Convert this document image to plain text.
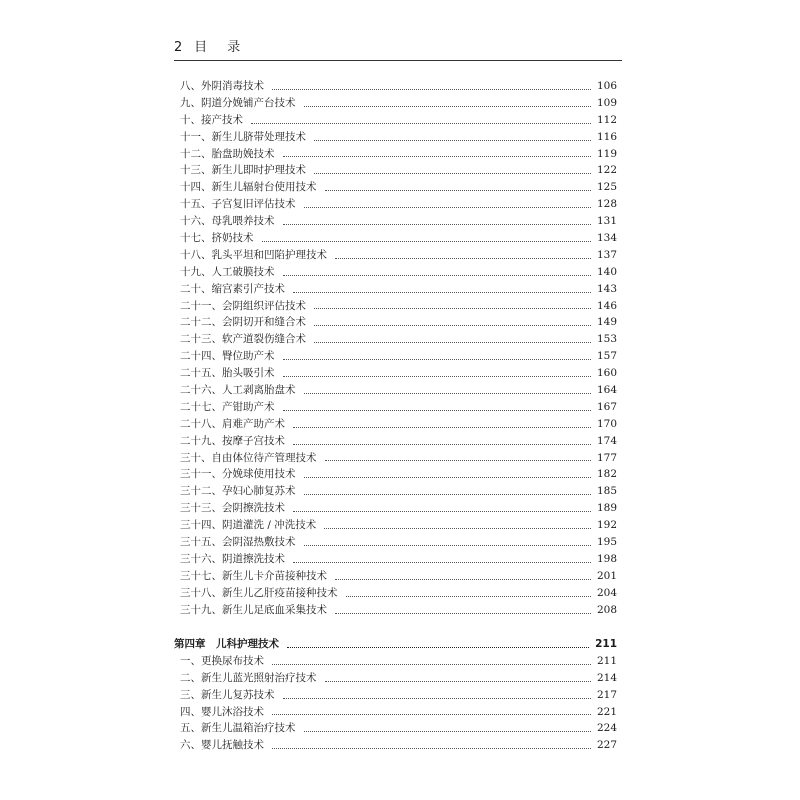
2 目 录
八、外阴消毒技术	106
九、阴道分娩铺产台技术	109
十、接产技术	112
十一、新生儿脐带处理技术	116
十二、胎盘助娩技术	119
十三、新生儿即时护理技术	122
十四、新生儿辐射台使用技术	125
十五、子宫复旧评估技术	128
十六、母乳喂养技术	131
十七、挤奶技术	134
十八、乳头平坦和凹陷护理技术	137
十九、人工破膜技术	140
二十、缩宫素引产技术	143
二十一、会阴组织评估技术	146
二十二、会阴切开和缝合术	149
二十三、软产道裂伤缝合术	153
二十四、臀位助产术	157
二十五、胎头吸引术	160
二十六、人工剥离胎盘术	164
二十七、产钳助产术	167
二十八、肩难产助产术	170
二十九、按摩子宫技术	174
三十、自由体位待产管理技术	177
三十一、分娩球使用技术	182
三十二、孕妇心肺复苏术	185
三十三、会阴擦洗技术	189
三十四、阴道灌洗 / 冲洗技术	192
三十五、会阴湿热敷技术	195
三十六、阴道擦洗技术	198
三十七、新生儿卡介苗接种技术	201
三十八、新生儿乙肝疫苗接种技术	204
三十九、新生儿足底血采集技术	208
第四章　儿科护理技术	211
一、更换尿布技术	211
二、新生儿蓝光照射治疗技术	214
三、新生儿复苏技术	217
四、婴儿沐浴技术	221
五、新生儿温箱治疗技术	224
六、婴儿抚触技术	227
